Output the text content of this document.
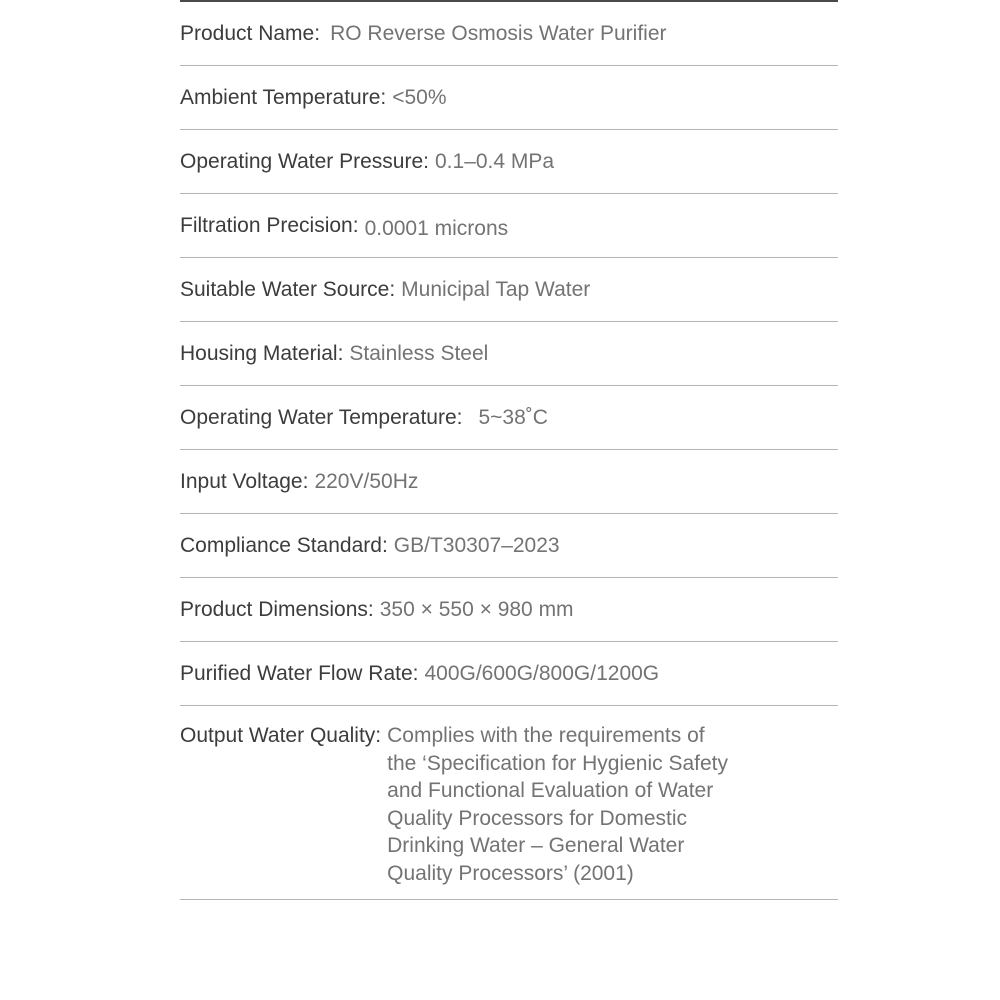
Product Name: RO Reverse Osmosis Water Purifier
Ambient Temperature: <50%
Operating Water Pressure: 0.1–0.4 MPa
Filtration Precision: 0.0001 microns
Suitable Water Source: Municipal Tap Water
Housing Material: Stainless Steel
Operating Water Temperature: 5~38˚C
Input Voltage: 220V/50Hz
Compliance Standard: GB/T30307–2023
Product Dimensions: 350 × 550 × 980 mm
Purified Water Flow Rate: 400G/600G/800G/1200G
Output Water Quality: Complies with the requirements of
the ‘Specification for Hygienic Safety
and Functional Evaluation of Water
Quality Processors for Domestic
Drinking Water – General Water
Quality Processors’ (2001)
